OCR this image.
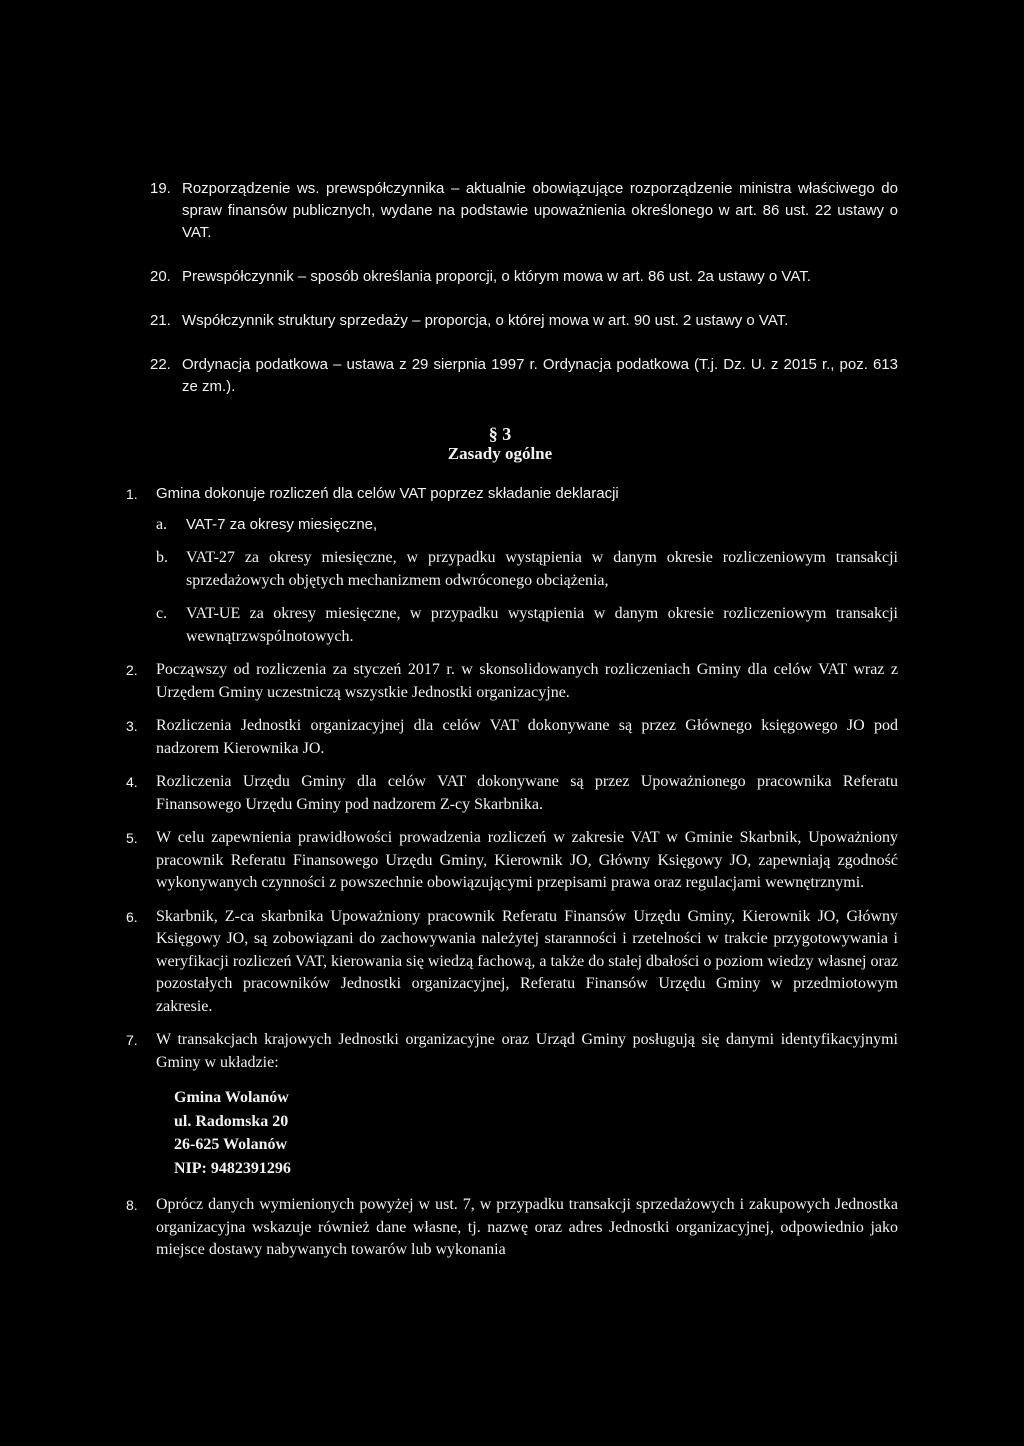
19. Rozporządzenie ws. prewspółczynnika – aktualnie obowiązujące rozporządzenie ministra właściwego do spraw finansów publicznych, wydane na podstawie upoważnienia określonego w art. 86 ust. 22 ustawy o VAT.
20. Prewspółczynnik – sposób określania proporcji, o którym mowa w art. 86 ust. 2a ustawy o VAT.
21. Współczynnik struktury sprzedaży – proporcja, o której mowa w art. 90 ust. 2 ustawy o VAT.
22. Ordynacja podatkowa – ustawa z 29 sierpnia 1997 r. Ordynacja podatkowa (T.j. Dz. U. z 2015 r., poz. 613 ze zm.).
§ 3
Zasady ogólne
1. Gmina dokonuje rozliczeń dla celów VAT poprzez składanie deklaracji
a. VAT-7 za okresy miesięczne,
b. VAT-27 za okresy miesięczne, w przypadku wystąpienia w danym okresie rozliczeniowym transakcji sprzedażowych objętych mechanizmem odwróconego obciążenia,
c. VAT-UE za okresy miesięczne, w przypadku wystąpienia w danym okresie rozliczeniowym transakcji wewnątrzwspólnotowych.
2. Począwszy od rozliczenia za styczeń 2017 r. w skonsolidowanych rozliczeniach Gminy dla celów VAT wraz z Urzędem Gminy uczestniczą wszystkie Jednostki organizacyjne.
3. Rozliczenia Jednostki organizacyjnej dla celów VAT dokonywane są przez Głównego księgowego JO pod nadzorem Kierownika JO.
4. Rozliczenia Urzędu Gminy dla celów VAT dokonywane są przez Upoważnionego pracownika Referatu Finansowego Urzędu Gminy pod nadzorem Z-cy Skarbnika.
5. W celu zapewnienia prawidłowości prowadzenia rozliczeń w zakresie VAT w Gminie Skarbnik, Upoważniony pracownik Referatu Finansowego Urzędu Gminy, Kierownik JO, Główny Księgowy JO, zapewniają zgodność wykonywanych czynności z powszechnie obowiązującymi przepisami prawa oraz regulacjami wewnętrznymi.
6. Skarbnik, Z-ca skarbnika Upoważniony pracownik Referatu Finansów Urzędu Gminy, Kierownik JO, Główny Księgowy JO, są zobowiązani do zachowywania należytej staranności i rzetelności w trakcie przygotowywania i weryfikacji rozliczeń VAT, kierowania się wiedzą fachową, a także do stałej dbałości o poziom wiedzy własnej oraz pozostałych pracowników Jednostki organizacyjnej, Referatu Finansów Urzędu Gminy w przedmiotowym zakresie.
7. W transakcjach krajowych Jednostki organizacyjne oraz Urząd Gminy posługują się danymi identyfikacyjnymi Gminy w układzie:
Gmina Wolanów
ul. Radomska 20
26-625 Wolanów
NIP: 9482391296
8. Oprócz danych wymienionych powyżej w ust. 7, w przypadku transakcji sprzedażowych i zakupowych Jednostka organizacyjna wskazuje również dane własne, tj. nazwę oraz adres Jednostki organizacyjnej, odpowiednio jako miejsce dostawy nabywanych towarów lub wykonania
